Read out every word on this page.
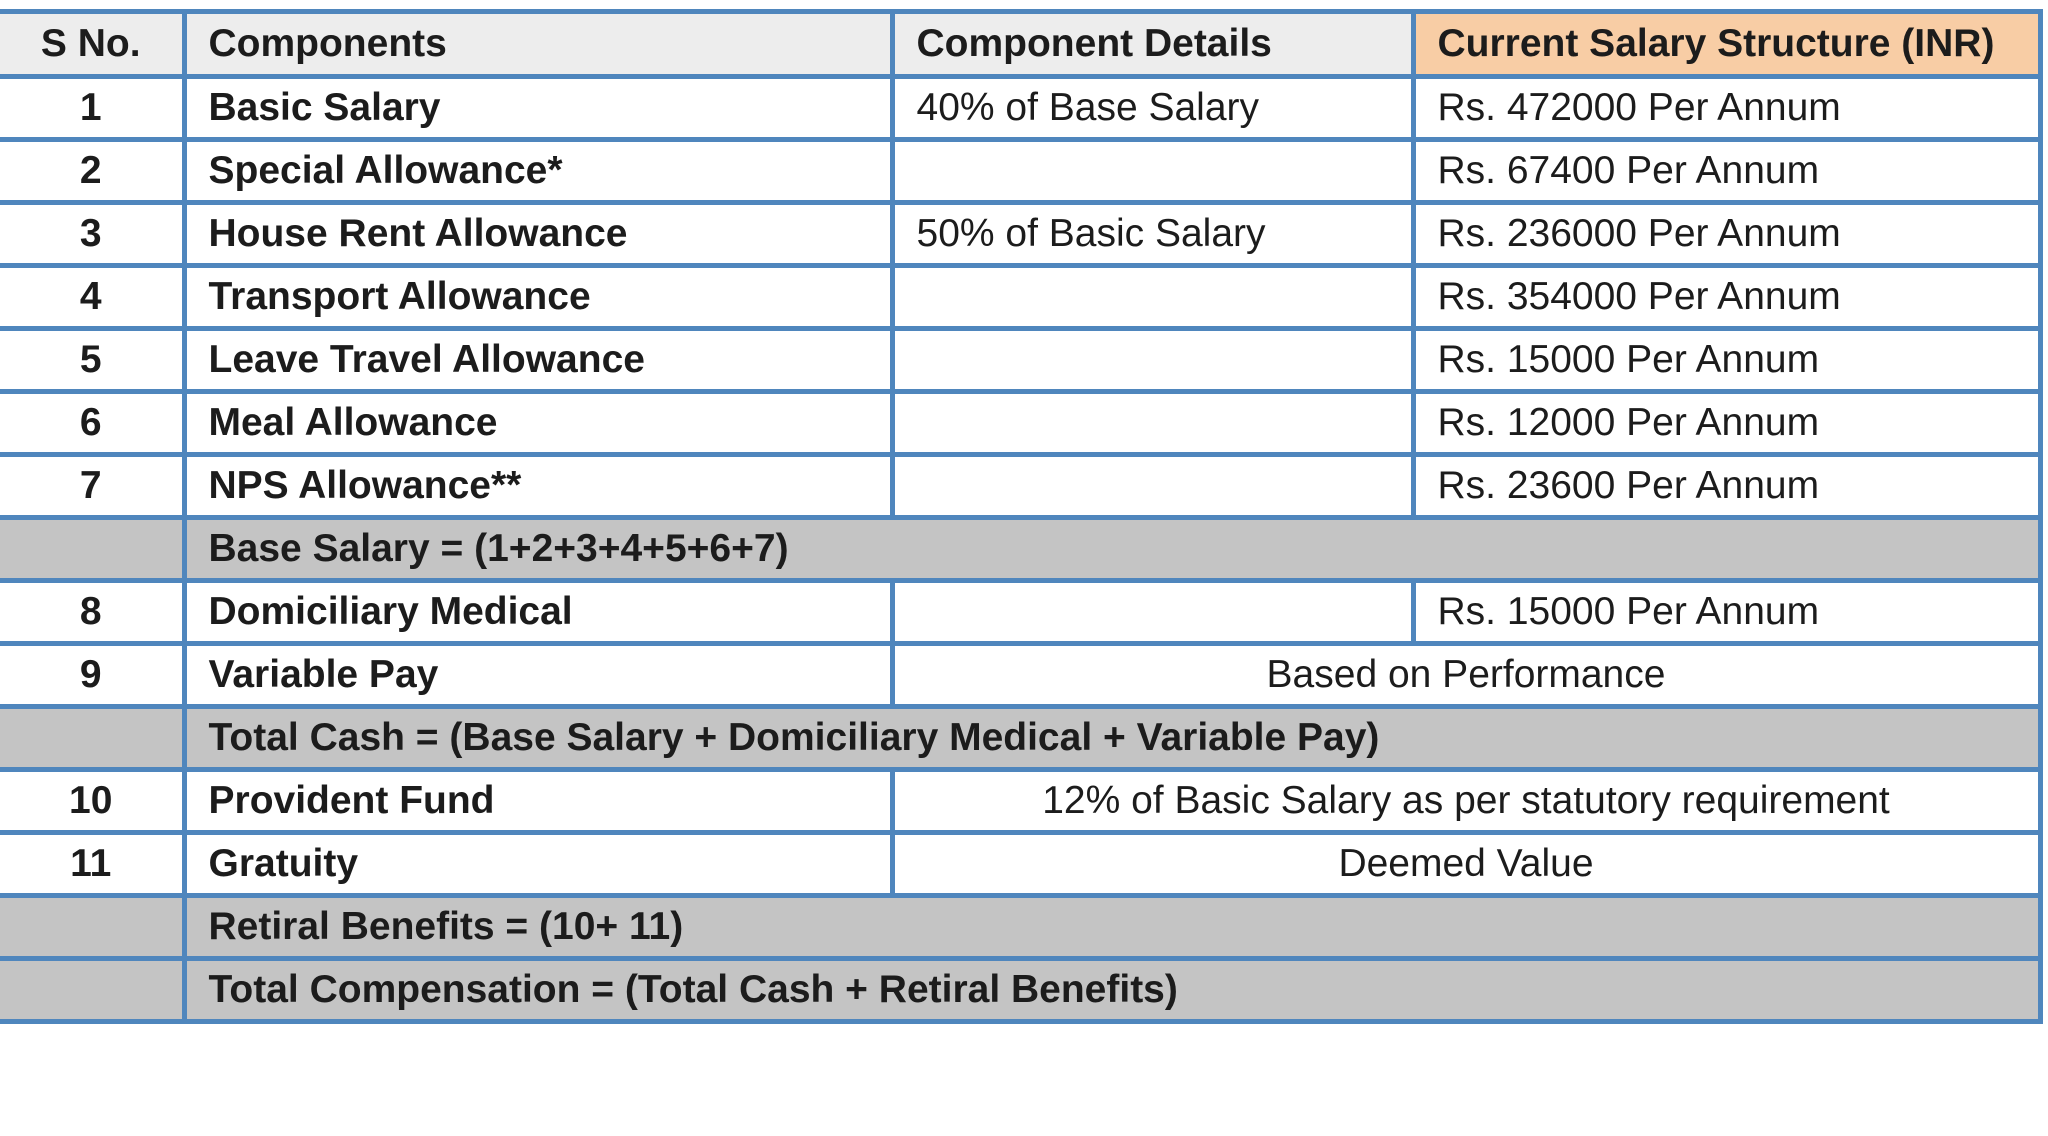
S No.	Components	Component Details	Current Salary Structure (INR)
1	Basic Salary	40% of Base Salary	Rs. 472000 Per Annum
2	Special Allowance*		Rs. 67400 Per Annum
3	House Rent Allowance	50% of Basic Salary	Rs. 236000 Per Annum
4	Transport Allowance		Rs. 354000 Per Annum
5	Leave Travel Allowance		Rs. 15000 Per Annum
6	Meal Allowance		Rs. 12000 Per Annum
7	NPS Allowance**		Rs. 23600 Per Annum
	Base Salary = (1+2+3+4+5+6+7)		
8	Domiciliary Medical		Rs. 15000 Per Annum
9	Variable Pay	Based on Performance	
	Total Cash = (Base Salary + Domiciliary Medical + Variable Pay)		
10	Provident Fund	12% of Basic Salary as per statutory requirement	
11	Gratuity	Deemed Value	
	Retiral Benefits = (10+ 11)		
	Total Compensation = (Total Cash + Retiral Benefits)		
